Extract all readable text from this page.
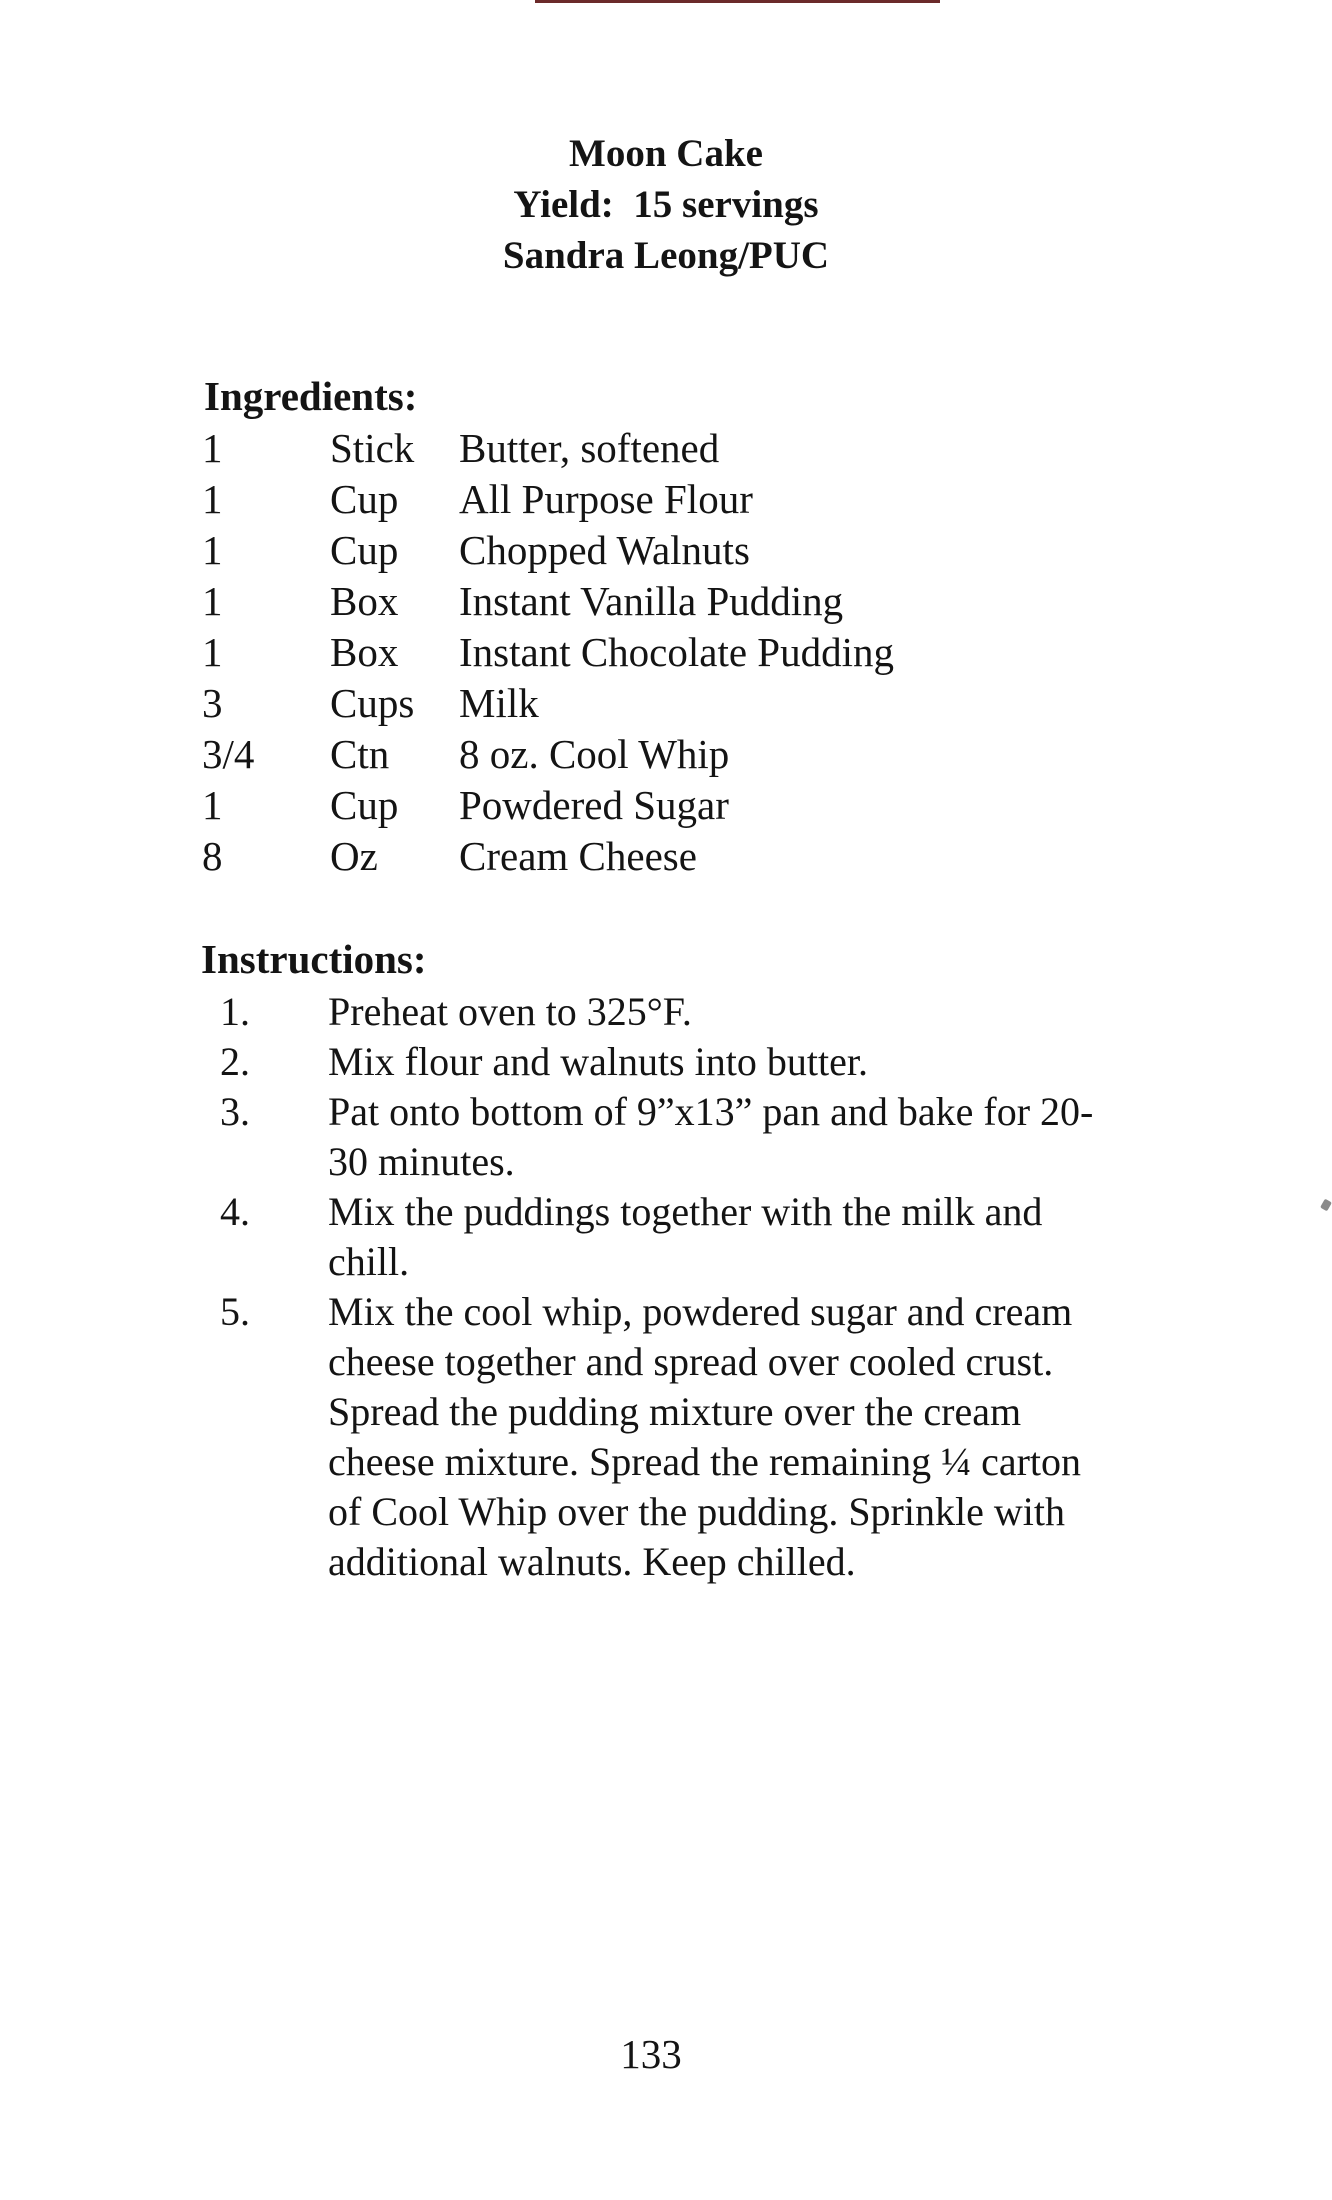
Moon Cake
Yield:  15 servings
Sandra Leong/PUC
Ingredients:
1	Stick Butter, softened
1	Cup All Purpose Flour
1	Cup Chopped Walnuts
1	Box Instant Vanilla Pudding
1	Box Instant Chocolate Pudding
3	Cups Milk
3/4 Ctn 8 oz. Cool Whip
1	Cup Powdered Sugar
8	Oz Cream Cheese
Instructions:
1. Preheat oven to 325°F.
2. Mix flour and walnuts into butter.
3. Pat onto bottom of 9”x13” pan and bake for 20-30 minutes.
4. Mix the puddings together with the milk and chill.
5. Mix the cool whip, powdered sugar and cream cheese together and spread over cooled crust. Spread the pudding mixture over the cream cheese mixture. Spread the remaining ¼ carton of Cool Whip over the pudding. Sprinkle with additional walnuts. Keep chilled.
133
